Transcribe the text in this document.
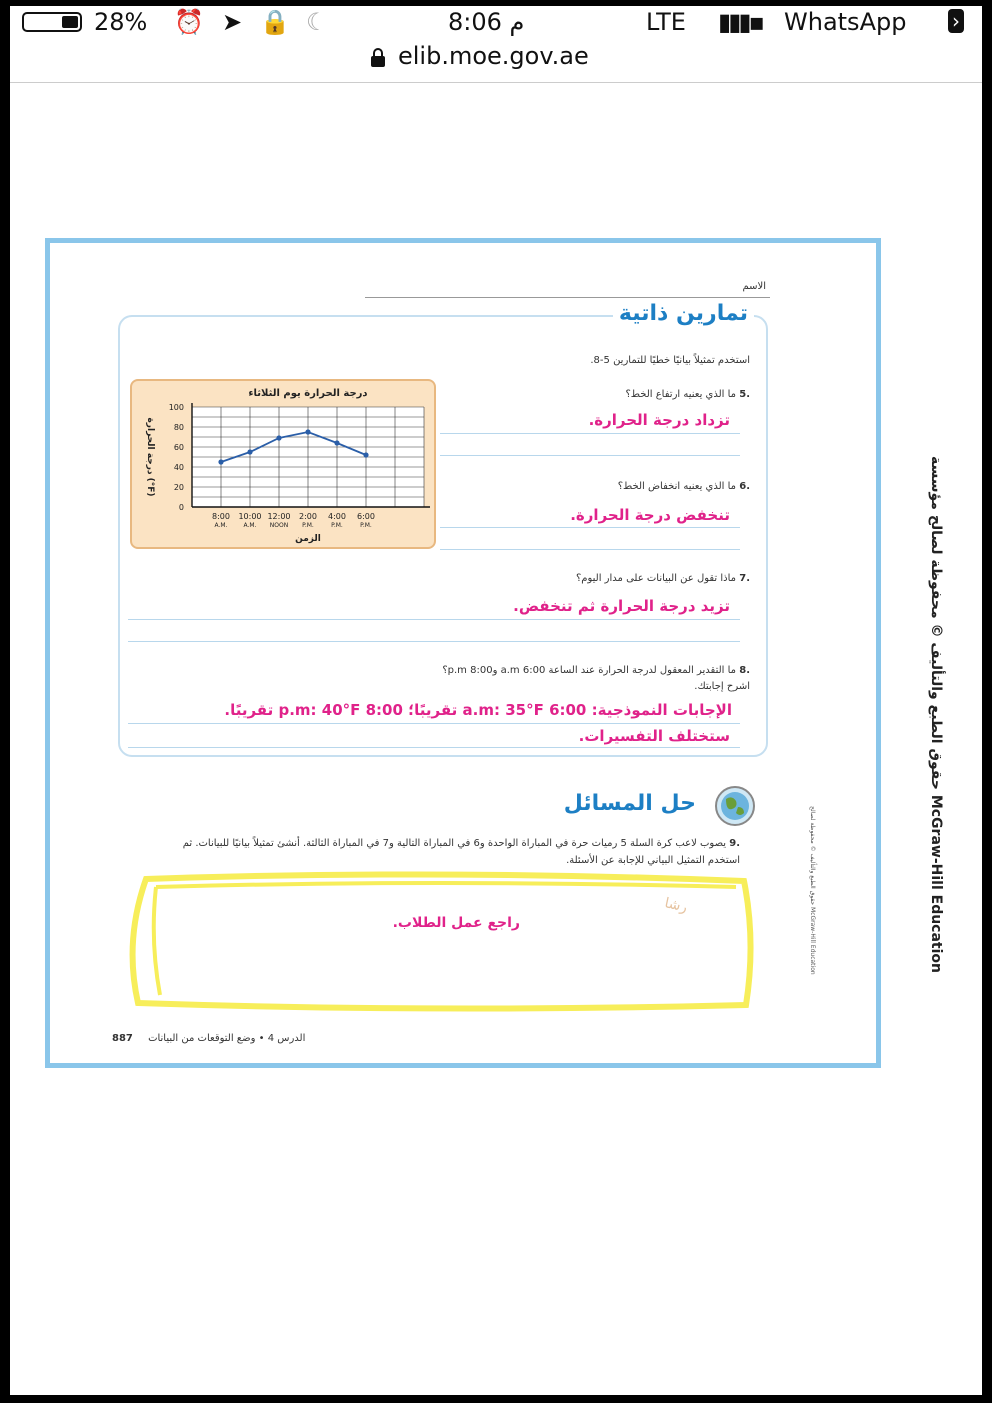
28% ⏰ ➤ 🔒 ☾	8:06 م	LTE ▮▮▮▪ WhatsApp ›
elib.moe.gov.ae
الاسم
تمارين ذاتية
استخدم تمثيلاً بيانيًا خطيًا للتمارين 5-8.
.5 ما الذي يعنيه ارتفاع الخط؟
تزداد درجة الحرارة.
.6 ما الذي يعنيه انخفاض الخط؟
تنخفض درجة الحرارة.
.7 ماذا تقول عن البيانات على مدار اليوم؟
تزيد درجة الحرارة ثم تنخفض.
.8 ما التقدير المعقول لدرجة الحرارة عند الساعة 6:00 a.m و8:00 p.m؟
اشرح إجابتك.
الإجابات النموذجية: 6:00 a.m: 35°F تقريبًا؛ 8:00 p.m: 40°F تقريبًا.
ستختلف التفسيرات.
درجة الحرارة يوم الثلاثاء
0
20
40
60
80
100
درجة الحرارة (°F)
8:00
A.M.
10:00
A.M.
12:00
NOON
2:00
P.M.
4:00
P.M.
6:00
P.M.
الزمن
حل المسائل
.9 يصوب لاعب كرة السلة 5 رميات حرة في المباراة الواحدة و6 في المباراة التالية و7 في المباراة الثالثة. أنشئ تمثيلاً بيانيًا للبيانات. ثم استخدم التمثيل البياني للإجابة عن الأسئلة.
رشا
راجع عمل الطلاب.
887 الدرس 4 • وضع التوقعات من البيانات
حقوق الطبع والتأليف © محفوظة لصالح مؤسسة McGraw-Hill Education
حقوق الطبع والتأليف © محفوظة لصالح McGraw-Hill Education
